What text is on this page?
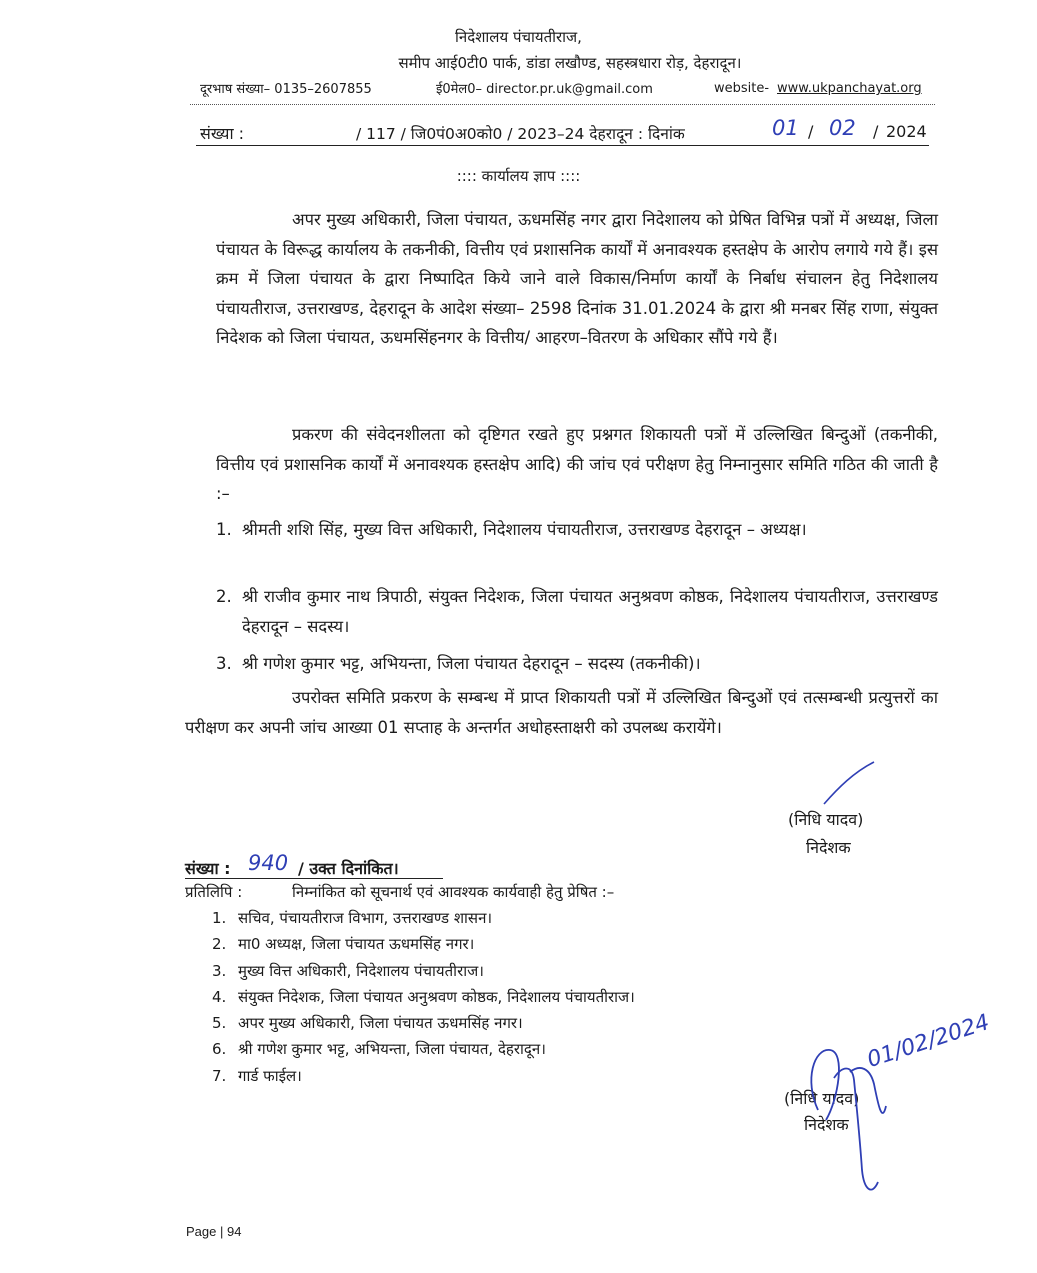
निदेशालय पंचायतीराज,
समीप आई0टी0 पार्क, डांडा लखौण्ड, सहस्त्रधारा रोड़, देहरादून।
दूरभाष संख्या– 0135–2607855	ई0मेल0– director.pr.uk@gmail.com	website- www.ukpanchayat.org
संख्या :	/ 117 / जि0पं0अ0को0 / 2023–24 देहरादून : दिनांक	01 / 02 / 2024
:::: कार्यालय ज्ञाप ::::
अपर मुख्य अधिकारी, जिला पंचायत, ऊधमसिंह नगर द्वारा निदेशालय को प्रेषित विभिन्न पत्रों में अध्यक्ष, जिला पंचायत के विरूद्ध कार्यालय के तकनीकी, वित्तीय एवं प्रशासनिक कार्यों में अनावश्यक हस्तक्षेप के आरोप लगाये गये हैं। इस क्रम में जिला पंचायत के द्वारा निष्पादित किये जाने वाले विकास/निर्माण कार्यों के निर्बाध संचालन हेतु निदेशालय पंचायतीराज, उत्तराखण्ड, देहरादून के आदेश संख्या– 2598 दिनांक 31.01.2024 के द्वारा श्री मनबर सिंह राणा, संयुक्त निदेशक को जिला पंचायत, ऊधमसिंहनगर के वित्तीय/ आहरण–वितरण के अधिकार सौंपे गये हैं।
प्रकरण की संवेदनशीलता को दृष्टिगत रखते हुए प्रश्नगत शिकायती पत्रों में उल्लिखित बिन्दुओं (तकनीकी, वित्तीय एवं प्रशासनिक कार्यों में अनावश्यक हस्तक्षेप आदि) की जांच एवं परीक्षण हेतु निम्नानुसार समिति गठित की जाती है :–
1. श्रीमती शशि सिंह, मुख्य वित्त अधिकारी, निदेशालय पंचायतीराज, उत्तराखण्ड देहरादून – अध्यक्ष।
2. श्री राजीव कुमार नाथ त्रिपाठी, संयुक्त निदेशक, जिला पंचायत अनुश्रवण कोष्ठक, निदेशालय पंचायतीराज, उत्तराखण्ड देहरादून – सदस्य।
3. श्री गणेश कुमार भट्ट, अभियन्ता, जिला पंचायत देहरादून – सदस्य (तकनीकी)।
उपरोक्त समिति प्रकरण के सम्बन्ध में प्राप्त शिकायती पत्रों में उल्लिखित बिन्दुओं एवं तत्सम्बन्धी प्रत्युत्तरों का परीक्षण कर अपनी जांच आख्या 01 सप्ताह के अन्तर्गत अधोहस्ताक्षरी को उपलब्ध करायेंगे।
(निधि यादव)
निदेशक
संख्या : 940 / उक्त दिनांकित।
प्रतिलिपि :	निम्नांकित को सूचनार्थ एवं आवश्यक कार्यवाही हेतु प्रेषित :–
1. सचिव, पंचायतीराज विभाग, उत्तराखण्ड शासन।
2. मा0 अध्यक्ष, जिला पंचायत ऊधमसिंह नगर।
3. मुख्य वित्त अधिकारी, निदेशालय पंचायतीराज।
4. संयुक्त निदेशक, जिला पंचायत अनुश्रवण कोष्ठक, निदेशालय पंचायतीराज।
5. अपर मुख्य अधिकारी, जिला पंचायत ऊधमसिंह नगर।
6. श्री गणेश कुमार भट्ट, अभियन्ता, जिला पंचायत, देहरादून।
7. गार्ड फाईल।
(निधि यादव)
निदेशक
01/02/2024
Page | 94
